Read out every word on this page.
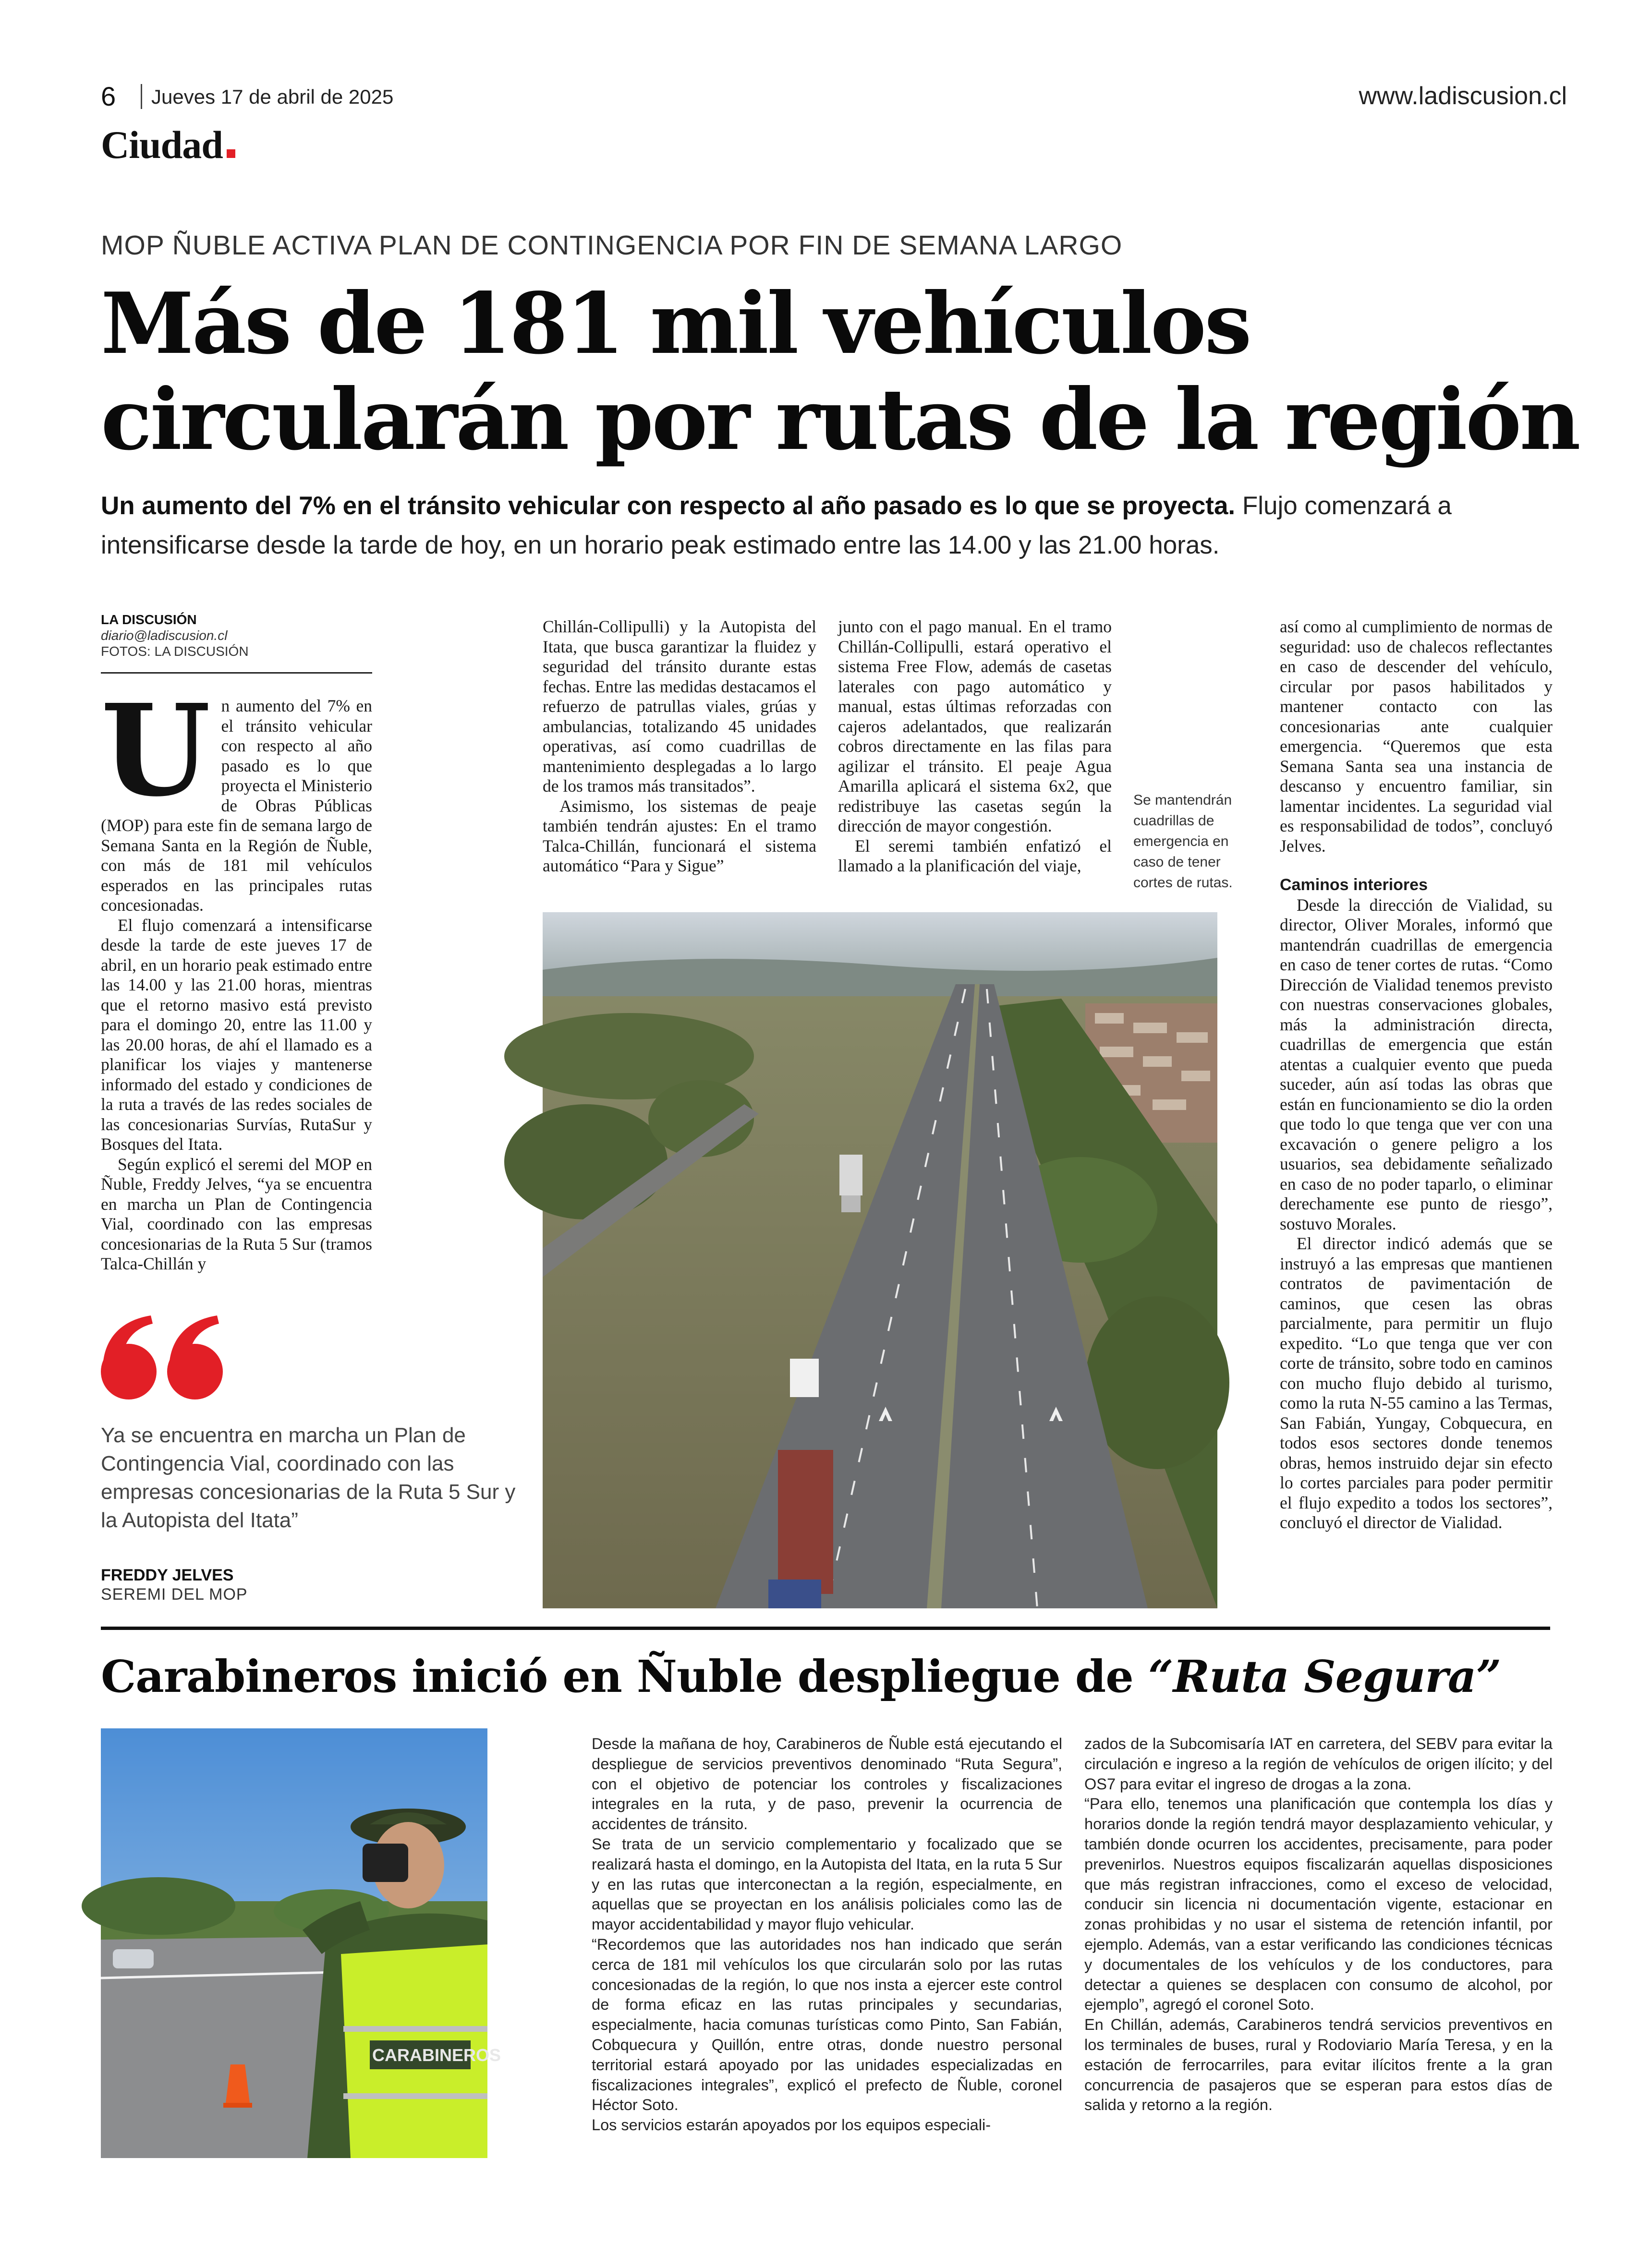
6 Jueves 17 de abril de 2025	www.ladiscusion.cl
Ciudad
MOP ÑUBLE ACTIVA PLAN DE CONTINGENCIA POR FIN DE SEMANA LARGO
Más de 181 mil vehículos
circularán por rutas de la región
Un aumento del 7% en el tránsito vehicular con respecto al año pasado es lo que se proyecta. Flujo comenzará a intensificarse desde la tarde de hoy, en un horario peak estimado entre las 14.00 y las 21.00 horas.
LA DISCUSIÓN
diario@ladiscusion.cl
FOTOS: LA DISCUSIÓN
U n aumento del 7% en el tránsito vehicular con respecto al año pasado es lo que proyecta el Ministerio de Obras Públicas (MOP) para este fin de semana largo de Semana Santa en la Región de Ñuble, con más de 181 mil vehículos esperados en las principales rutas concesionadas.

El flujo comenzará a intensificarse desde la tarde de este jueves 17 de abril, en un horario peak estimado entre las 14.00 y las 21.00 horas, mientras que el retorno masivo está previsto para el domingo 20, entre las 11.00 y las 20.00 horas, de ahí el llamado es a planificar los viajes y mantenerse informado del estado y condiciones de la ruta a través de las redes sociales de las concesionarias Survías, RutaSur y Bosques del Itata.

Según explicó el seremi del MOP en Ñuble, Freddy Jelves, “ya se encuentra en marcha un Plan de Contingencia Vial, coordinado con las empresas concesionarias de la Ruta 5 Sur (tramos Talca-Chillán y

Chillán-Collipulli) y la Autopista del Itata, que busca garantizar la fluidez y seguridad del tránsito durante estas fechas. Entre las medidas destacamos el refuerzo de patrullas viales, grúas y ambulancias, totalizando 45 unidades operativas, así como cuadrillas de mantenimiento desplegadas a lo largo de los tramos más transitados”.

Asimismo, los sistemas de peaje también tendrán ajustes: En el tramo Talca-Chillán, funcionará el sistema automático “Para y Sigue”

junto con el pago manual. En el tramo Chillán-Collipulli, estará operativo el sistema Free Flow, además de casetas laterales con pago automático y manual, estas últimas reforzadas con cajeros adelantados, que realizarán cobros directamente en las filas para agilizar el tránsito. El peaje Agua Amarilla aplicará el sistema 6x2, que redistribuye las casetas según la dirección de mayor congestión.

El seremi también enfatizó el llamado a la planificación del viaje,

Se mantendrán cuadrillas de emergencia en caso de tener cortes de rutas.

así como al cumplimiento de normas de seguridad: uso de chalecos reflectantes en caso de descender del vehículo, circular por pasos habilitados y mantener contacto con las concesionarias ante cualquier emergencia. “Queremos que esta Semana Santa sea una instancia de descanso y encuentro familiar, sin lamentar incidentes. La seguridad vial es responsabilidad de todos”, concluyó Jelves.

Caminos interiores

Desde la dirección de Vialidad, su director, Oliver Morales, informó que mantendrán cuadrillas de emergencia en caso de tener cortes de rutas. “Como Dirección de Vialidad tenemos previsto con nuestras conservaciones globales, más la administración directa, cuadrillas de emergencia que están atentas a cualquier evento que pueda suceder, aún así todas las obras que están en funcionamiento se dio la orden que todo lo que tenga que ver con una excavación o genere peligro a los usuarios, sea debidamente señalizado en caso de no poder taparlo, o eliminar derechamente ese punto de riesgo”, sostuvo Morales.

El director indicó además que se instruyó a las empresas que mantienen contratos de pavimentación de caminos, que cesen las obras parcialmente, para permitir un flujo expedito. “Lo que tenga que ver con corte de tránsito, sobre todo en caminos con mucho flujo debido al turismo, como la ruta N-55 camino a las Termas, San Fabián, Yungay, Cobquecura, en todos esos sectores donde tenemos obras, hemos instruido dejar sin efecto lo cortes parciales para poder permitir el flujo expedito a todos los sectores”, concluyó el director de Vialidad.

Ya se encuentra en marcha un Plan de Contingencia Vial, coordinado con las empresas concesionarias de la Ruta 5 Sur y la Autopista del Itata”
FREDDY JELVES
SEREMI DEL MOP
Carabineros inició en Ñuble despliegue de “Ruta Segura”
CARABINEROS

Desde la mañana de hoy, Carabineros de Ñuble está ejecutando el despliegue de servicios preventivos denominado “Ruta Segura”, con el objetivo de potenciar los controles y fiscalizaciones integrales en la ruta, y de paso, prevenir la ocurrencia de accidentes de tránsito.

Se trata de un servicio complementario y focalizado que se realizará hasta el domingo, en la Autopista del Itata, en la ruta 5 Sur y en las rutas que interconectan a la región, especialmente, en aquellas que se proyectan en los análisis policiales como las de mayor accidentabilidad y mayor flujo vehicular.

“Recordemos que las autoridades nos han indicado que serán cerca de 181 mil vehículos los que circularán solo por las rutas concesionadas de la región, lo que nos insta a ejercer este control de forma eficaz en las rutas principales y secundarias, especialmente, hacia comunas turísticas como Pinto, San Fabián, Cobquecura y Quillón, entre otras, donde nuestro personal territorial estará apoyado por las unidades especializadas en fiscalizaciones integrales”, explicó el prefecto de Ñuble, coronel Héctor Soto.

Los servicios estarán apoyados por los equipos especiali-

zados de la Subcomisaría IAT en carretera, del SEBV para evitar la circulación e ingreso a la región de vehículos de origen ilícito; y del OS7 para evitar el ingreso de drogas a la zona.

“Para ello, tenemos una planificación que contempla los días y horarios donde la región tendrá mayor desplazamiento vehicular, y también donde ocurren los accidentes, precisamente, para poder prevenirlos. Nuestros equipos fiscalizarán aquellas disposiciones que más registran infracciones, como el exceso de velocidad, conducir sin licencia ni documentación vigente, estacionar en zonas prohibidas y no usar el sistema de retención infantil, por ejemplo. Además, van a estar verificando las condiciones técnicas y documentales de los vehículos y de los conductores, para detectar a quienes se desplacen con consumo de alcohol, por ejemplo”, agregó el coronel Soto.

En Chillán, además, Carabineros tendrá servicios preventivos en los terminales de buses, rural y Rodoviario María Teresa, y en la estación de ferrocarriles, para evitar ilícitos frente a la gran concurrencia de pasajeros que se esperan para estos días de salida y retorno a la región.
